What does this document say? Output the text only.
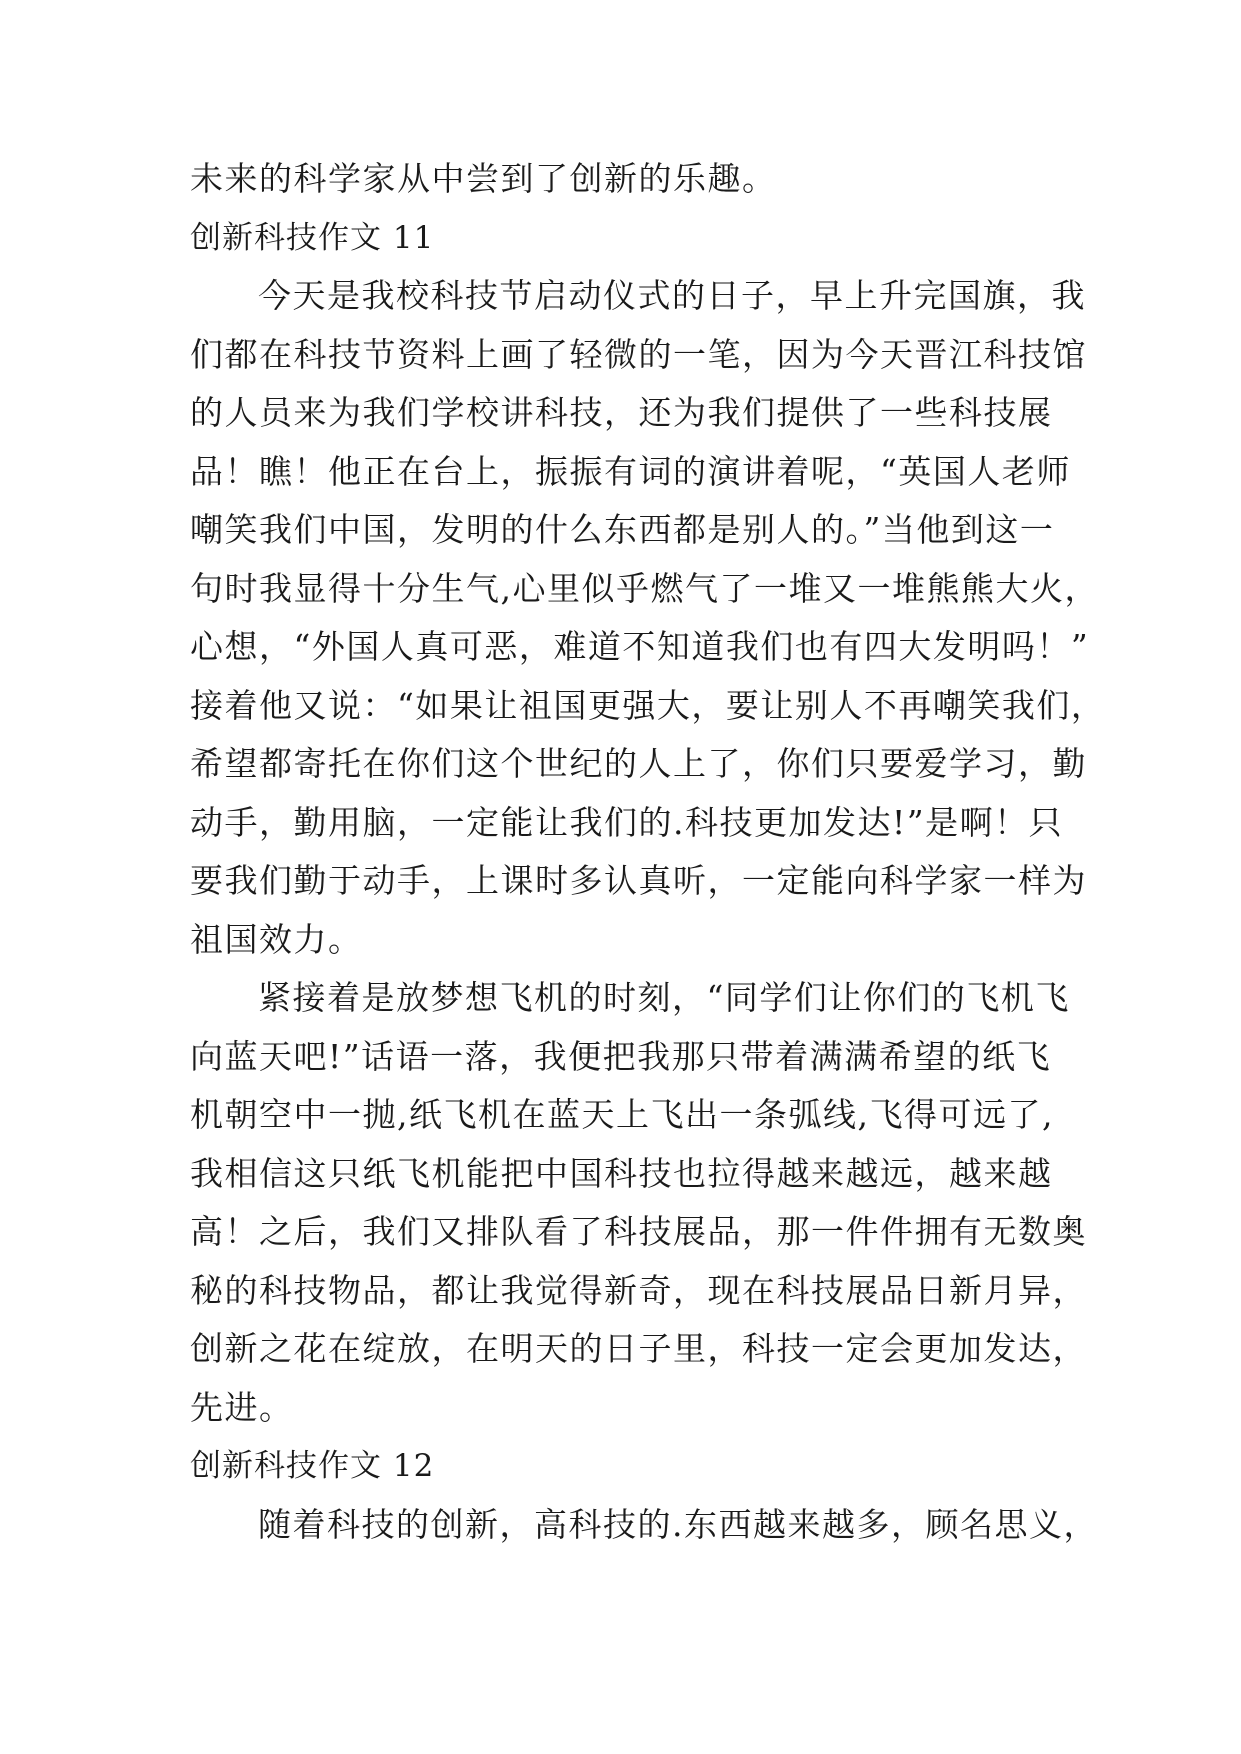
未来的科学家从中尝到了创新的乐趣。
创新科技作文 11
今天是我校科技节启动仪式的日子，早上升完国旗，我
们都在科技节资料上画了轻微的一笔，因为今天晋江科技馆
的人员来为我们学校讲科技，还为我们提供了一些科技展
品！瞧！他正在台上，振振有词的演讲着呢，“英国人老师
嘲笑我们中国，发明的什么东西都是别人的。”当他到这一
句时我显得十分生气,心里似乎燃气了一堆又一堆熊熊大火，
心想，“外国人真可恶，难道不知道我们也有四大发明吗！”
接着他又说：“如果让祖国更强大，要让别人不再嘲笑我们，
希望都寄托在你们这个世纪的人上了，你们只要爱学习，勤
动手，勤用脑，一定能让我们的.科技更加发达!”是啊！只
要我们勤于动手，上课时多认真听，一定能向科学家一样为
祖国效力。
紧接着是放梦想飞机的时刻，“同学们让你们的飞机飞
向蓝天吧!”话语一落，我便把我那只带着满满希望的纸飞
机朝空中一抛,纸飞机在蓝天上飞出一条弧线,飞得可远了,
我相信这只纸飞机能把中国科技也拉得越来越远，越来越
高！之后，我们又排队看了科技展品，那一件件拥有无数奥
秘的科技物品，都让我觉得新奇，现在科技展品日新月异，
创新之花在绽放，在明天的日子里，科技一定会更加发达，
先进。
创新科技作文 12
随着科技的创新，高科技的.东西越来越多，顾名思义，
